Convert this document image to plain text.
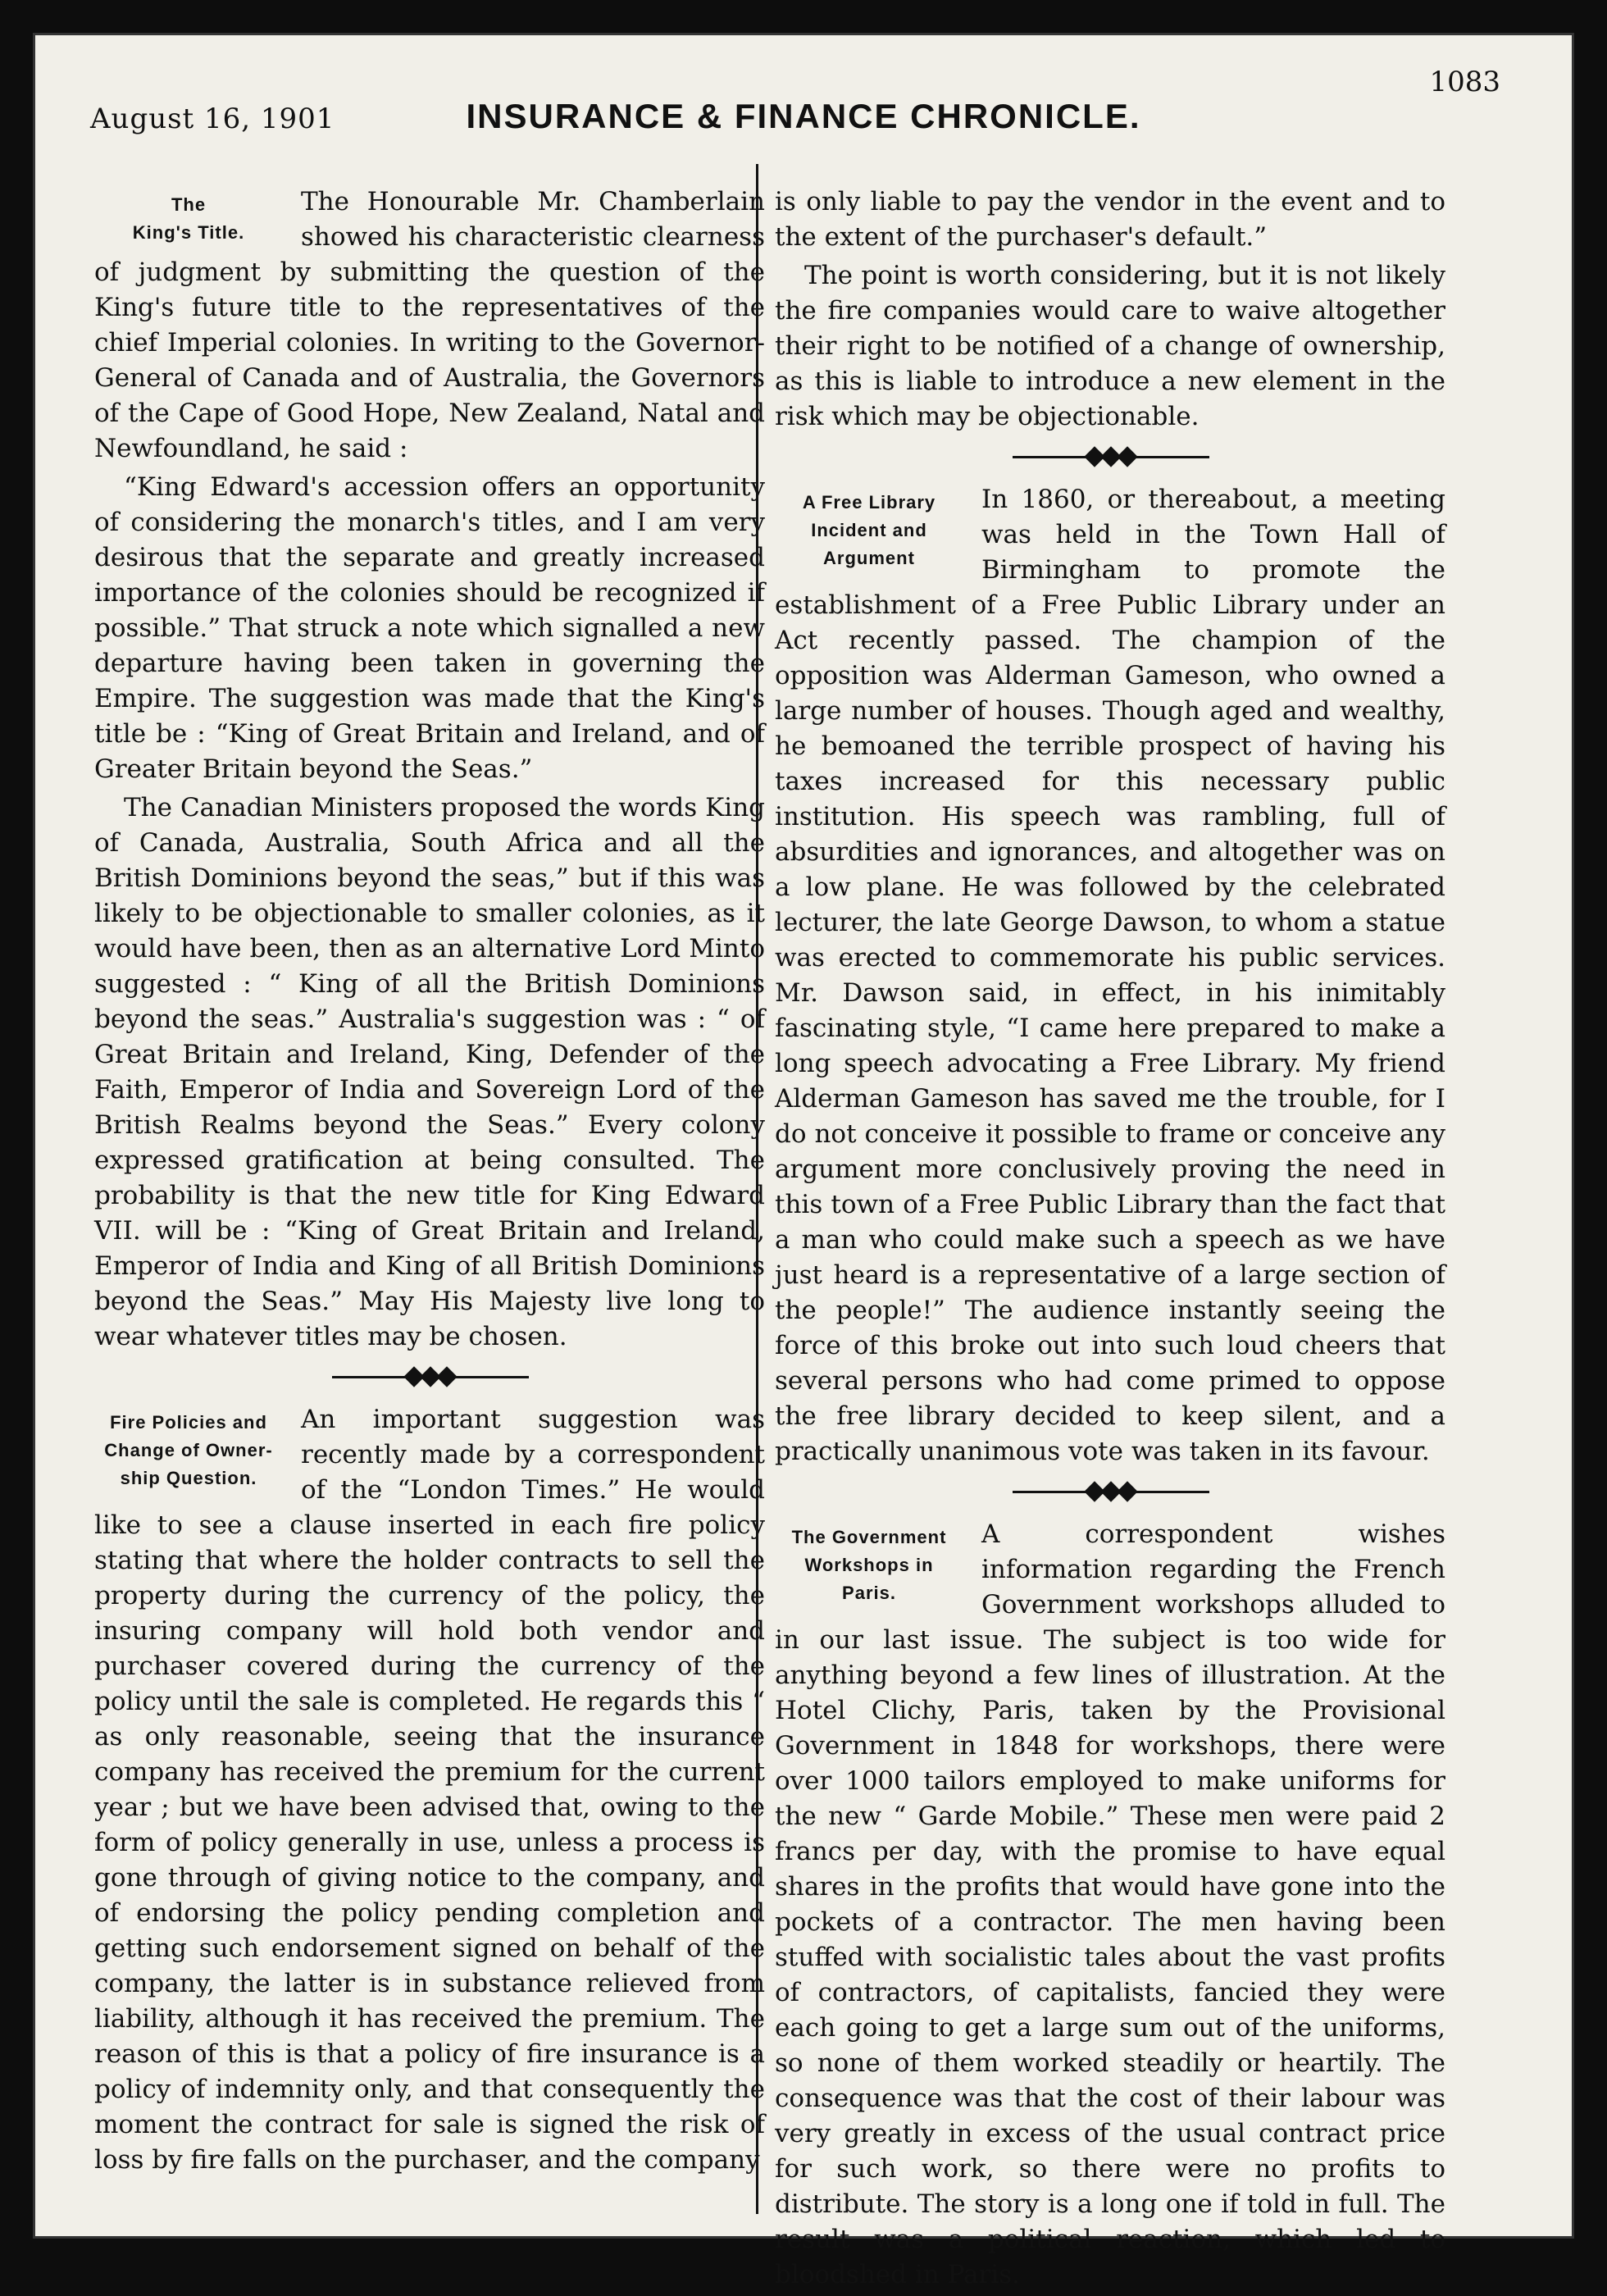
August 16, 1901	INSURANCE & FINANCE CHRONICLE.
1083
The
King's Title.

The Honourable Mr. Chamberlain showed his characteristic clearness of judgment by submitting the question of the King's future title to the representatives of the chief Imperial colonies. In writing to the Governor-General of Canada and of Australia, the Governors of the Cape of Good Hope, New Zealand, Natal and Newfoundland, he said :

“King Edward's accession offers an opportunity of considering the monarch's titles, and I am very desirous that the separate and greatly increased importance of the colonies should be recognized if possible.” That struck a note which signalled a new departure having been taken in governing the Empire. The suggestion was made that the King's title be : “King of Great Britain and Ireland, and of Greater Britain beyond the Seas.”

The Canadian Ministers proposed the words King of Canada, Australia, South Africa and all the British Dominions beyond the seas,” but if this was likely to be objectionable to smaller colonies, as it would have been, then as an alternative Lord Minto suggested : “ King of all the British Dominions beyond the seas.” Australia's suggestion was : “ of Great Britain and Ireland, King, Defender of the Faith, Emperor of India and Sovereign Lord of the British Realms beyond the Seas.” Every colony expressed gratification at being consulted. The probability is that the new title for King Edward VII. will be : “King of Great Britain and Ireland, Emperor of India and King of all British Dominions beyond the Seas.” May His Majesty live long to wear whatever titles may be chosen.

Fire Policies and
Change of Owner-
ship Question.

An important suggestion was recently made by a correspondent of the “London Times.” He would like to see a clause inserted in each fire policy stating that where the holder contracts to sell the property during the currency of the policy, the insuring company will hold both vendor and purchaser covered during the currency of the policy until the sale is completed. He regards this “ as only reasonable, seeing that the insurance company has received the premium for the current year ; but we have been advised that, owing to the form of policy generally in use, unless a process is gone through of giving notice to the company, and of endorsing the policy pending completion and getting such endorsement signed on behalf of the company, the latter is in substance relieved from liability, although it has received the premium. The reason of this is that a policy of fire insurance is a policy of indemnity only, and that consequently the moment the contract for sale is signed the risk of loss by fire falls on the purchaser, and the company

is only liable to pay the vendor in the event and to the extent of the purchaser's default.”

The point is worth considering, but it is not likely the fire companies would care to waive altogether their right to be notified of a change of ownership, as this is liable to introduce a new element in the risk which may be objectionable.

A Free Library
Incident and
Argument

In 1860, or thereabout, a meeting was held in the Town Hall of Birmingham to promote the establishment of a Free Public Library under an Act recently passed. The champion of the opposition was Alderman Gameson, who owned a large number of houses. Though aged and wealthy, he bemoaned the terrible prospect of having his taxes increased for this necessary public institution. His speech was rambling, full of absurdities and ignorances, and altogether was on a low plane. He was followed by the celebrated lecturer, the late George Dawson, to whom a statue was erected to commemorate his public services. Mr. Dawson said, in effect, in his inimitably fascinating style, “I came here prepared to make a long speech advocating a Free Library. My friend Alderman Gameson has saved me the trouble, for I do not conceive it possible to frame or conceive any argument more conclusively proving the need in this town of a Free Public Library than the fact that a man who could make such a speech as we have just heard is a representative of a large section of the people!” The audience instantly seeing the force of this broke out into such loud cheers that several persons who had come primed to oppose the free library decided to keep silent, and a practically unanimous vote was taken in its favour.

The Government
Workshops in Paris.

A correspondent wishes information regarding the French Government workshops alluded to in our last issue. The subject is too wide for anything beyond a few lines of illustration. At the Hotel Clichy, Paris, taken by the Provisional Government in 1848 for workshops, there were over 1000 tailors employed to make uniforms for the new “ Garde Mobile.” These men were paid 2 francs per day, with the promise to have equal shares in the profits that would have gone into the pockets of a contractor. The men having been stuffed with socialistic tales about the vast profits of contractors, of capitalists, fancied they were each going to get a large sum out of the uniforms, so none of them worked steadily or heartily. The consequence was that the cost of their labour was very greatly in excess of the usual contract price for such work, so there were no profits to distribute. The story is a long one if told in full. The result was a political reaction, which led to bloodshed in Paris.
